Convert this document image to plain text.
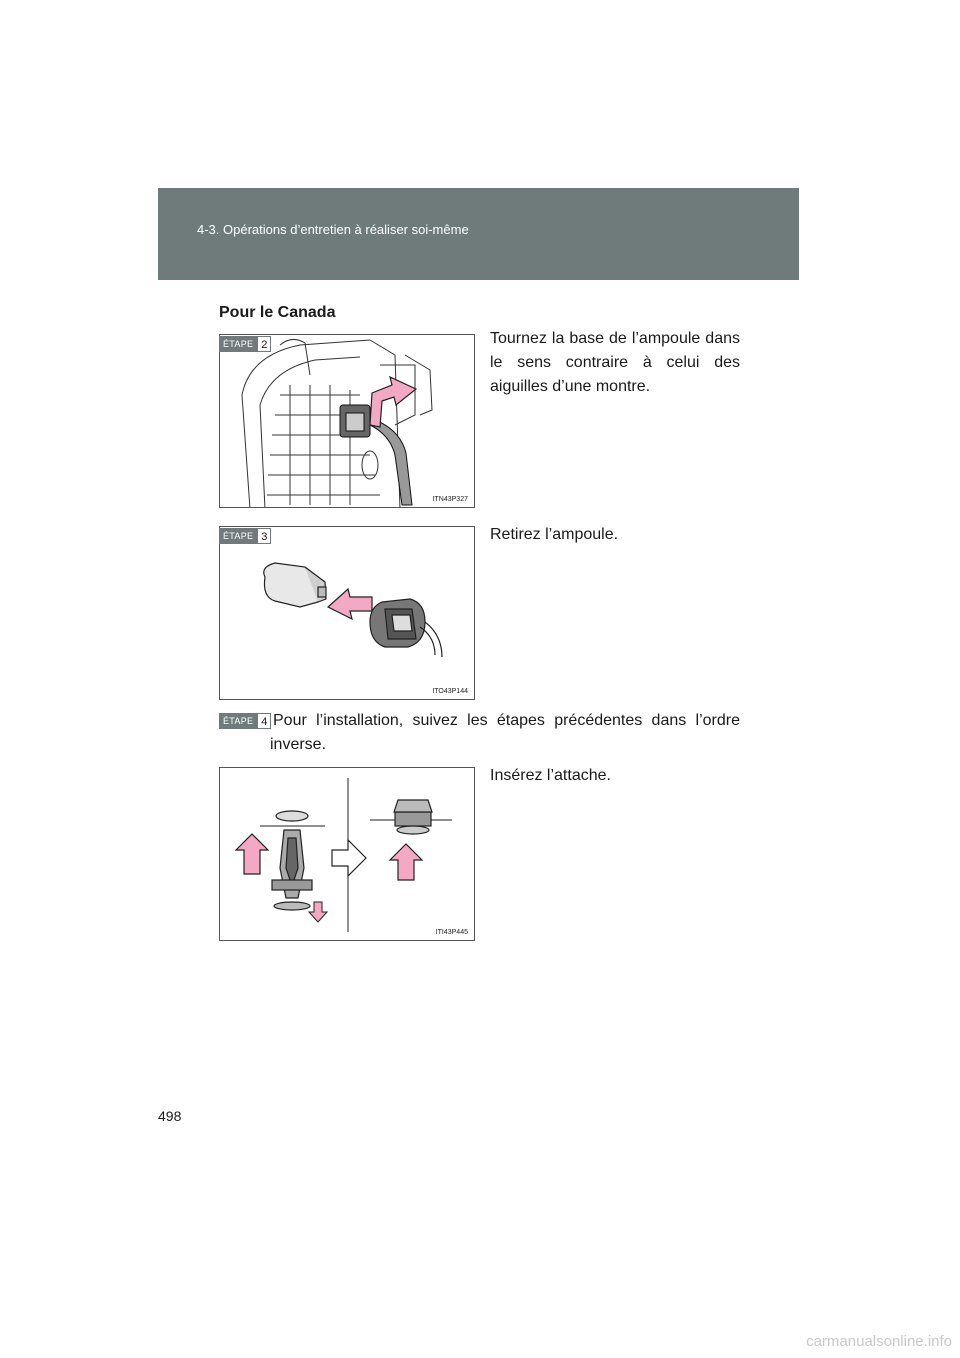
4-3. Opérations d’entretien à réaliser soi-même
Pour le Canada
ITN43P327
ÉTAPE 2	Tournez la base de l’ampoule dans le sens contraire à celui des aiguilles d’une montre.
ITO43P144
ÉTAPE 3	Retirez l’ampoule.
ÉTAPE 4 Pour l’installation, suivez les étapes précédentes dans l’ordre inverse.
ITI43P445
Insérez l’attache.
498
carmanualsonline.info
